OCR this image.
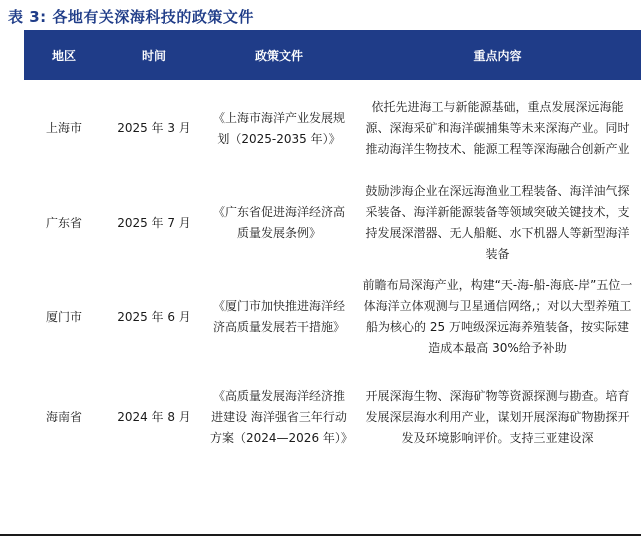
表 3: 各地有关深海科技的政策文件
地区	时间	政策文件	重点内容
上海市	2025 年 3 月	《上海市海洋产业发展规划（2025-2035 年）》	依托先进海工与新能源基础，重点发展深远海能源、深海采矿和海洋碳捕集等未来深海产业。同时推动海洋生物技术、能源工程等深海融合创新产业
广东省	2025 年 7 月	《广东省促进海洋经济高质量发展条例》	鼓励涉海企业在深远海渔业工程装备、海洋油气探采装备、海洋新能源装备等领域突破关键技术，支持发展深潜器、无人船艇、水下机器人等新型海洋装备
厦门市	2025 年 6 月	《厦门市加快推进海洋经济高质量发展若干措施》	前瞻布局深海产业，构建“天-海-船-海底-岸”五位一体海洋立体观测与卫星通信网络,；对以大型养殖工船为核心的 25 万吨级深远海养殖装备，按实际建造成本最高 30%给予补助
海南省	2024 年 8 月	《高质量发展海洋经济推进建设 海洋强省三年行动方案（2024—2026 年）》	开展深海生物、深海矿物等资源探测与勘查。培育发展深层海水利用产业，谋划开展深海矿物勘探开发及环境影响评价。支持三亚建设深
